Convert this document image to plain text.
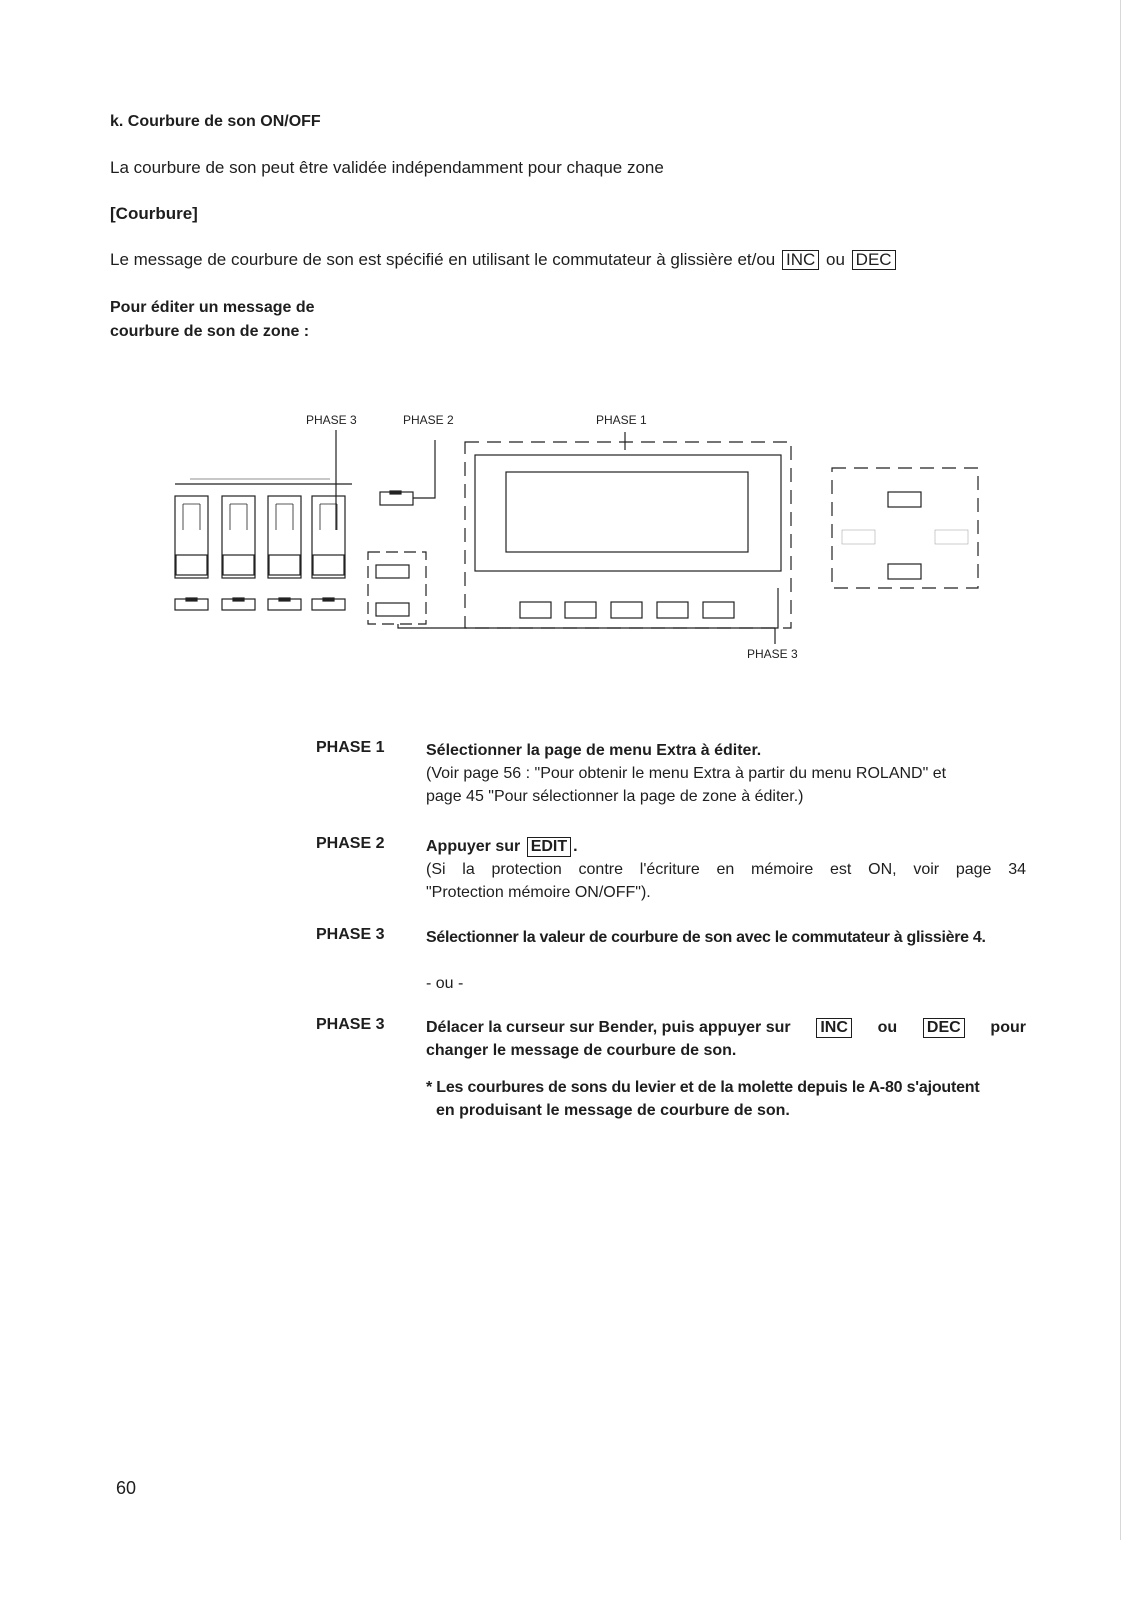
k. Courbure de son ON/OFF

La courbure de son peut être validée indépendamment pour chaque zone

[Courbure]

Le message de courbure de son est spécifié en utilisant le commutateur à glissière et/ou INC ou DEC

Pour éditer un message de
courbure de son de zone :
PHASE 3	PHASE 2	PHASE 1
PHASE 3
PHASE 1	Sélectionner la page de menu Extra à éditer.
(Voir page 56 : "Pour obtenir le menu Extra à partir du menu ROLAND" et
page 45 "Pour sélectionner la page de zone à éditer.)
PHASE 2	Appuyer sur EDIT .
(Si la protection contre l'écriture en mémoire est ON, voir page 34
"Protection mémoire ON/OFF").
PHASE 3	Sélectionner la valeur de courbure de son avec le commutateur à glissière 4.
- ou -
PHASE 3	Délacer la curseur sur Bender, puis appuyer sur INC ou DEC pour
changer le message de courbure de son.
* Les courbures de sons du levier et de la molette depuis le A-80 s'ajoutent
en produisant le message de courbure de son.
60
